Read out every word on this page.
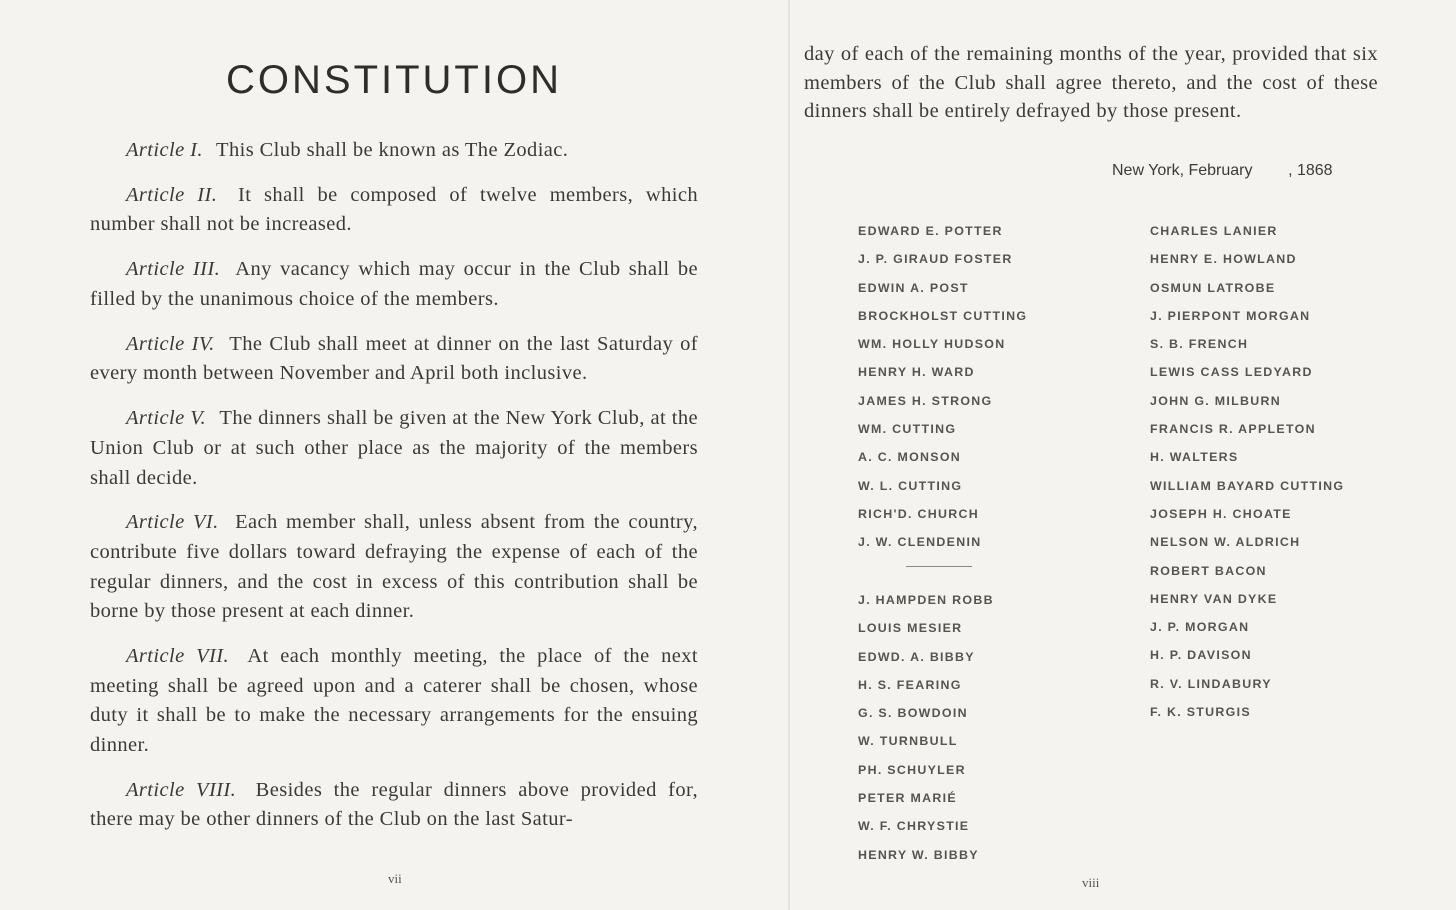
CONSTITUTION

Article I. This Club shall be known as The Zodiac.

Article II. It shall be composed of twelve members, which number shall not be increased.

Article III. Any vacancy which may occur in the Club shall be filled by the unanimous choice of the members.

Article IV. The Club shall meet at dinner on the last Saturday of every month between November and April both inclusive.

Article V. The dinners shall be given at the New York Club, at the Union Club or at such other place as the majority of the members shall decide.

Article VI. Each member shall, unless absent from the country, contribute five dollars toward defraying the expense of each of the regular dinners, and the cost in excess of this contribution shall be borne by those present at each dinner.

Article VII. At each monthly meeting, the place of the next meeting shall be agreed upon and a caterer shall be chosen, whose duty it shall be to make the necessary arrangements for the ensuing dinner.

Article VIII. Besides the regular dinners above provided for, there may be other dinners of the Club on the last Satur-

vii

day of each of the remaining months of the year, provided that six members of the Club shall agree thereto, and the cost of these dinners shall be entirely defrayed by those present.

New York, February        , 1868
EDWARD E. POTTER
J. P. GIRAUD FOSTER
EDWIN A. POST
BROCKHOLST CUTTING
WM. HOLLY HUDSON
HENRY H. WARD
JAMES H. STRONG
WM. CUTTING
A. C. MONSON
W. L. CUTTING
RICH'D. CHURCH
J. W. CLENDENIN
J. HAMPDEN ROBB
LOUIS MESIER
EDWD. A. BIBBY
H. S. FEARING
G. S. BOWDOIN
W. TURNBULL
PH. SCHUYLER
PETER MARIÉ
W. F. CHRYSTIE
HENRY W. BIBBY
CHARLES LANIER
HENRY E. HOWLAND
OSMUN LATROBE
J. PIERPONT MORGAN
S. B. FRENCH
LEWIS CASS LEDYARD
JOHN G. MILBURN
FRANCIS R. APPLETON
H. WALTERS
WILLIAM BAYARD CUTTING
JOSEPH H. CHOATE
NELSON W. ALDRICH
ROBERT BACON
HENRY VAN DYKE
J. P. MORGAN
H. P. DAVISON
R. V. LINDABURY
F. K. STURGIS
viii
